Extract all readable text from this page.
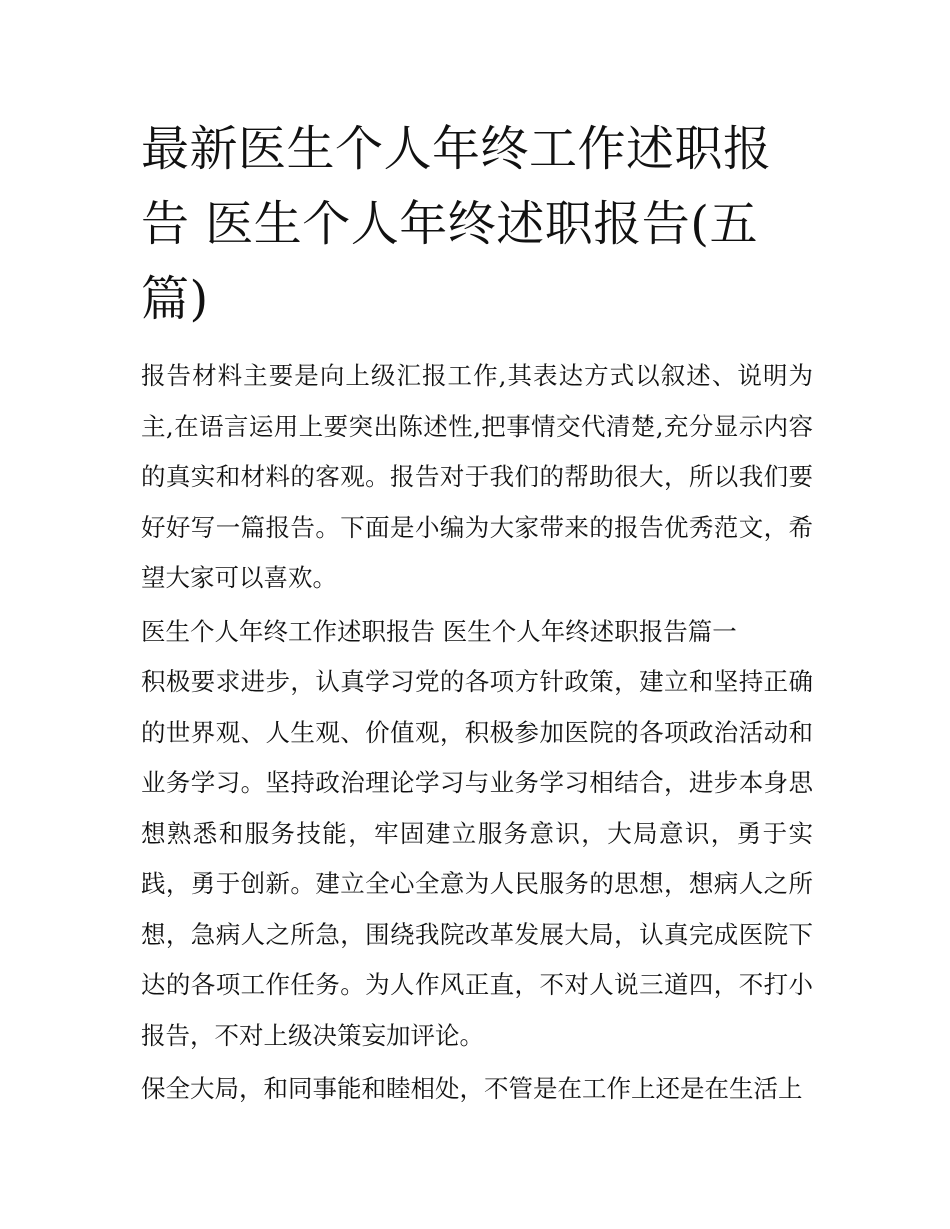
最新医生个人年终工作述职报告 医生个人年终述职报告(五篇)

报告材料主要是向上级汇报工作,其表达方式以叙述、说明为主,在语言运用上要突出陈述性,把事情交代清楚,充分显示内容的真实和材料的客观。报告对于我们的帮助很大，所以我们要好好写一篇报告。下面是小编为大家带来的报告优秀范文，希望大家可以喜欢。

医生个人年终工作述职报告 医生个人年终述职报告篇一

积极要求进步，认真学习党的各项方针政策，建立和坚持正确的世界观、人生观、价值观，积极参加医院的各项政治活动和业务学习。坚持政治理论学习与业务学习相结合，进步本身思想熟悉和服务技能，牢固建立服务意识，大局意识，勇于实践，勇于创新。建立全心全意为人民服务的思想，想病人之所想，急病人之所急，围绕我院改革发展大局，认真完成医院下达的各项工作任务。为人作风正直，不对人说三道四，不打小报告，不对上级决策妄加评论。

保全大局，和同事能和睦相处，不管是在工作上还是在生活上
